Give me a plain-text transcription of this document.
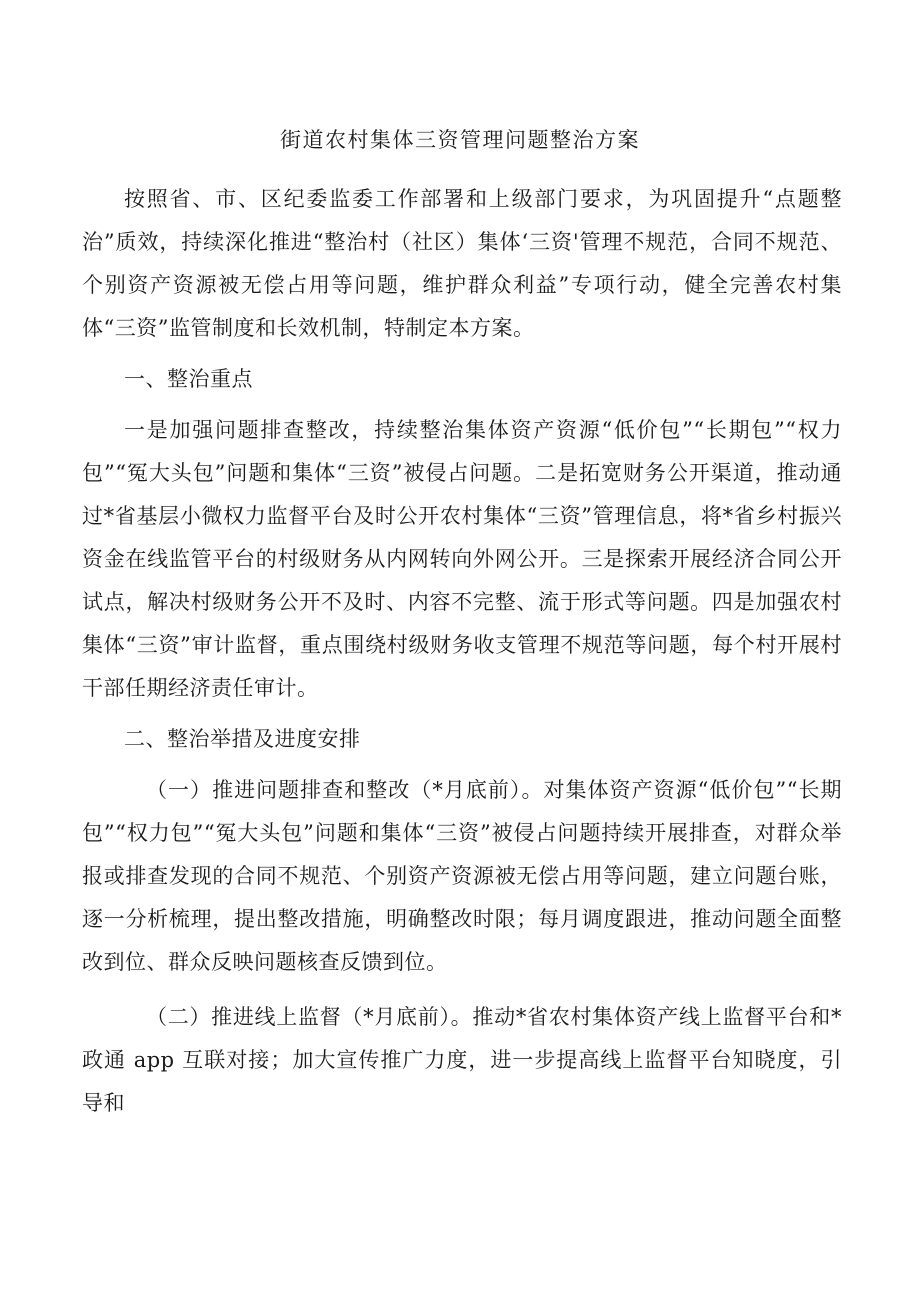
街道农村集体三资管理问题整治方案

按照省、市、区纪委监委工作部署和上级部门要求，为巩固提升“点题整治”质效，持续深化推进“整治村（社区）集体‘三资'管理不规范，合同不规范、个别资产资源被无偿占用等问题，维护群众利益”专项行动，健全完善农村集体“三资”监管制度和长效机制，特制定本方案。

一、整治重点

一是加强问题排查整改，持续整治集体资产资源“低价包”“长期包”“权力包”“冤大头包”问题和集体“三资”被侵占问题。二是拓宽财务公开渠道，推动通过*省基层小微权力监督平台及时公开农村集体“三资”管理信息，将*省乡村振兴资金在线监管平台的村级财务从内网转向外网公开。三是探索开展经济合同公开试点，解决村级财务公开不及时、内容不完整、流于形式等问题。四是加强农村集体“三资”审计监督，重点围绕村级财务收支管理不规范等问题，每个村开展村干部任期经济责任审计。

二、整治举措及进度安排

（一）推进问题排查和整改（*月底前）。对集体资产资源“低价包”“长期包”“权力包”“冤大头包”问题和集体“三资”被侵占问题持续开展排查，对群众举报或排查发现的合同不规范、个别资产资源被无偿占用等问题，建立问题台账，逐一分析梳理，提出整改措施，明确整改时限；每月调度跟进，推动问题全面整改到位、群众反映问题核查反馈到位。

（二）推进线上监督（*月底前）。推动*省农村集体资产线上监督平台和*政通 app 互联对接；加大宣传推广力度，进一步提高线上监督平台知晓度，引导和
